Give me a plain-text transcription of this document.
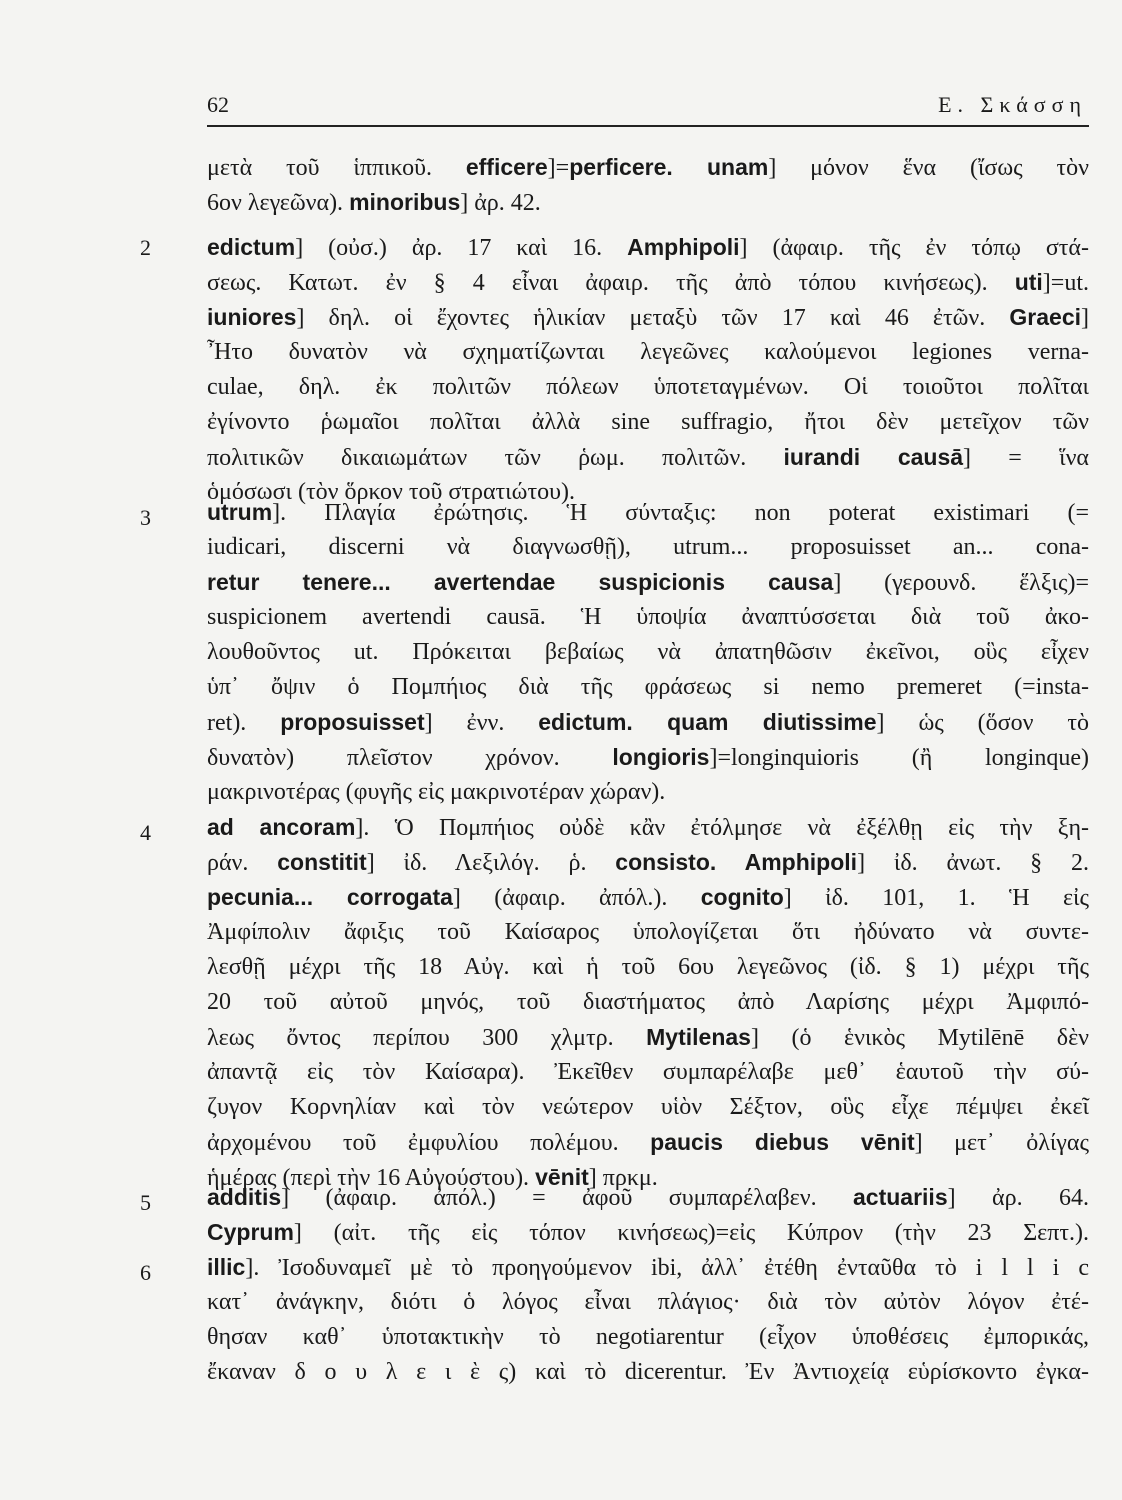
62	Ε. Σκάσση
μετὰ τοῦ ἱππικοῦ. efficere]=perficere. unam] μόνον ἕνα (ἴσως τὸν
6ον λεγεῶνα). minoribus] ἀρ. 42.
2	edictum] (οὐσ.) ἀρ. 17 καὶ 16. Amphipoli] (ἀφαιρ. τῆς ἐν τόπῳ στά-
σεως. Κατωτ. ἐν § 4 εἶναι ἀφαιρ. τῆς ἀπὸ τόπου κινήσεως). uti]=ut.
iuniores] δηλ. οἱ ἔχοντες ἡλικίαν μεταξὺ τῶν 17 καὶ 46 ἐτῶν. Graeci]
Ἦτο δυνατὸν νὰ σχηματίζωνται λεγεῶνες καλούμενοι legiones verna-
culae, δηλ. ἐκ πολιτῶν πόλεων ὑποτεταγμένων. Οἱ τοιοῦτοι πολῖται
ἐγίνοντο ῥωμαῖοι πολῖται ἀλλὰ sine suffragio, ἤτοι δὲν μετεῖχον τῶν
πολιτικῶν δικαιωμάτων τῶν ῥωμ. πολιτῶν. iurandi causā] = ἵνα
ὁμόσωσι (τὸν ὅρκον τοῦ στρατιώτου).
3	utrum]. Πλαγία ἐρώτησις. Ἡ σύνταξις: non poterat existimari (=
iudicari, discerni νὰ διαγνωσθῇ), utrum... proposuisset an... cona-
retur tenere... avertendae suspicionis causa] (γερουνδ. ἕλξις)=
suspicionem avertendi causā. Ἡ ὑποψία ἀναπτύσσεται διὰ τοῦ ἀκο-
λουθοῦντος ut. Πρόκειται βεβαίως νὰ ἀπατηθῶσιν ἐκεῖνοι, οὓς εἶχεν
ὑπ᾽ ὄψιν ὁ Πομπήιος διὰ τῆς φράσεως si nemo premeret (=insta-
ret). proposuisset] ἐνν. edictum. quam diutissime] ὡς (ὅσον τὸ
δυνατὸν) πλεῖστον χρόνον. longioris]=longinquioris (ἢ longinque)
μακρινοτέρας (φυγῆς εἰς μακρινοτέραν χώραν).
4	ad ancoram]. Ὁ Πομπήιος οὐδὲ κἂν ἐτόλμησε νὰ ἐξέλθῃ εἰς τὴν ξη-
ράν. constitit] ἰδ. Λεξιλόγ. ῥ. consisto. Amphipoli] ἰδ. ἀνωτ. § 2.
pecunia... corrogata] (ἀφαιρ. ἀπόλ.). cognito] ἰδ. 101, 1. Ἡ εἰς
Ἀμφίπολιν ἄφιξις τοῦ Καίσαρος ὑπολογίζεται ὅτι ἠδύνατο νὰ συντε-
λεσθῇ μέχρι τῆς 18 Αὐγ. καὶ ἡ τοῦ 6ου λεγεῶνος (ἰδ. § 1) μέχρι τῆς
20 τοῦ αὐτοῦ μηνός, τοῦ διαστήματος ἀπὸ Λαρίσης μέχρι Ἀμφιπό-
λεως ὄντος περίπου 300 χλμτρ. Mytilenas] (ὁ ἑνικὸς Mytilēnē δὲν
ἀπαντᾷ εἰς τὸν Καίσαρα). Ἐκεῖθεν συμπαρέλαβε μεθ᾽ ἑαυτοῦ τὴν σύ-
ζυγον Κορνηλίαν καὶ τὸν νεώτερον υἱὸν Σέξτον, οὓς εἶχε πέμψει ἐκεῖ
ἀρχομένου τοῦ ἐμφυλίου πολέμου. paucis diebus vēnit] μετ᾽ ὀλίγας
ἡμέρας (περὶ τὴν 16 Αὐγούστου). vēnit] πρκμ.
5	additis] (ἀφαιρ. ἀπόλ.) = ἀφοῦ συμπαρέλαβεν. actuariis] ἀρ. 64.
Cyprum] (αἰτ. τῆς εἰς τόπον κινήσεως)=εἰς Κύπρον (τὴν 23 Σεπτ.).
6	illic]. Ἰσοδυναμεῖ μὲ τὸ προηγούμενον ibi, ἀλλ᾽ ἐτέθη ἐνταῦθα τὸ i l l i c
κατ᾽ ἀνάγκην, διότι ὁ λόγος εἶναι πλάγιος· διὰ τὸν αὐτὸν λόγον ἐτέ-
θησαν καθ᾽ ὑποτακτικὴν τὸ negotiarentur (εἶχον ὑποθέσεις ἐμπορικάς,
ἔκαναν δ ο υ λ ε ι ὲ ς) καὶ τὸ dicerentur. Ἐν Ἀντιοχείᾳ εὑρίσκοντο ἐγκα-
